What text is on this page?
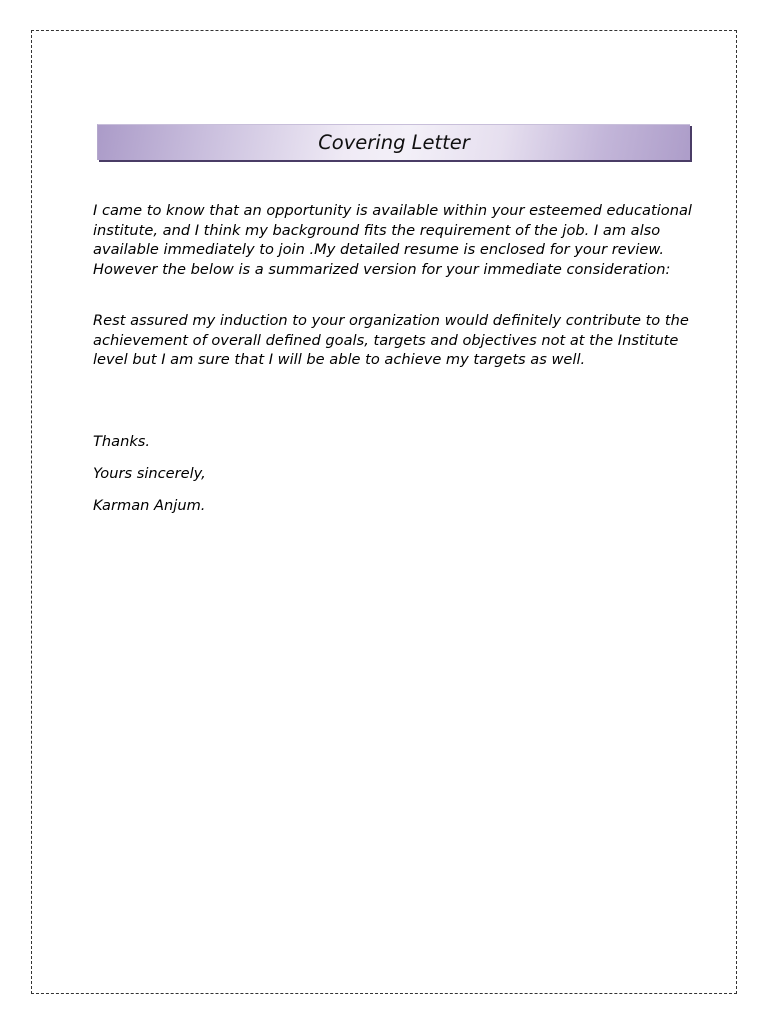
Covering Letter

I came to know that an opportunity is available within your esteemed educational institute, and I think my background fits the requirement of the job. I am also available immediately to join .My detailed resume is enclosed for your review. However the below is a summarized version for your immediate consideration:

Rest assured my induction to your organization would definitely contribute to the achievement of overall defined goals, targets and objectives not at the Institute level but I am sure that I will be able to achieve my targets as well.

Thanks.

Yours sincerely,

Karman Anjum.
